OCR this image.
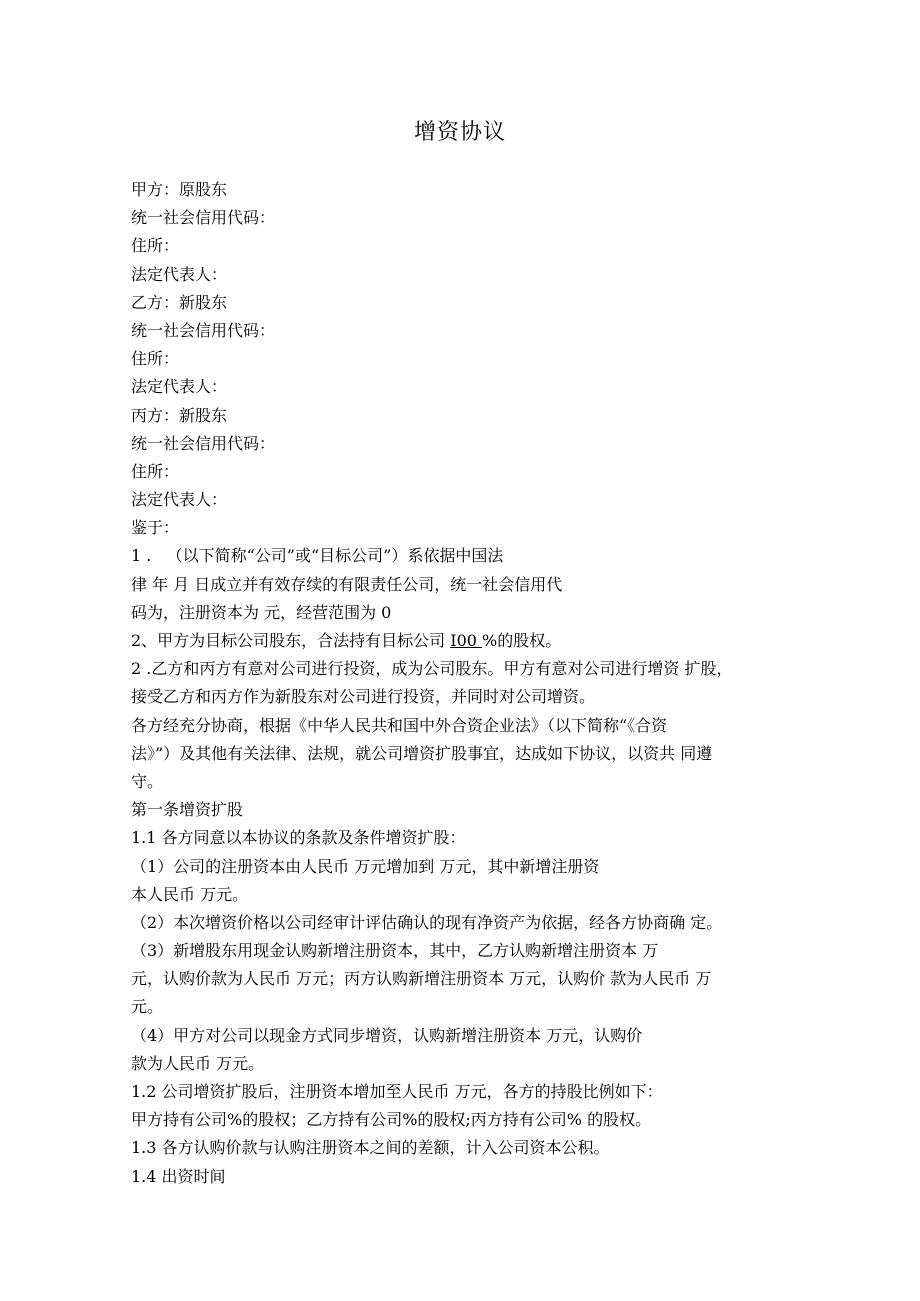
增资协议
甲方：原股东
统一社会信用代码：
住所：
法定代表人：
乙方：新股东
统一社会信用代码：
住所：
法定代表人：
丙方：新股东
统一社会信用代码：
住所：
法定代表人：
鉴于：
1 .   （以下简称“公司”或“目标公司”）系依据中国法
律 年 月 日成立并有效存续的有限责任公司，统一社会信用代
码为，注册资本为 元，经营范围为 0
2、甲方为目标公司股东，合法持有目标公司 I00 %的股权。
2 .乙方和丙方有意对公司进行投资，成为公司股东。甲方有意对公司进行增资 扩股，
接受乙方和丙方作为新股东对公司进行投资，并同时对公司增资。
各方经充分协商，根据《中华人民共和国中外合资企业法》（以下简称“《合资
法》”）及其他有关法律、法规，就公司增资扩股事宜，达成如下协议，以资共 同遵
守。
第一条增资扩股
1.1 各方同意以本协议的条款及条件增资扩股：
（1）公司的注册资本由人民币 万元增加到 万元，其中新增注册资
本人民币 万元。
（2）本次增资价格以公司经审计评估确认的现有净资产为依据，经各方协商确 定。
（3）新增股东用现金认购新增注册资本，其中，乙方认购新增注册资本 万
元，认购价款为人民币 万元；丙方认购新增注册资本 万元，认购价 款为人民币 万
元。
（4）甲方对公司以现金方式同步增资，认购新增注册资本 万元，认购价
款为人民币 万元。
1.2 公司增资扩股后，注册资本增加至人民币 万元，各方的持股比例如下：
甲方持有公司%的股权；乙方持有公司%的股权;丙方持有公司% 的股权。
1.3 各方认购价款与认购注册资本之间的差额，计入公司资本公积。
1.4 出资时间
